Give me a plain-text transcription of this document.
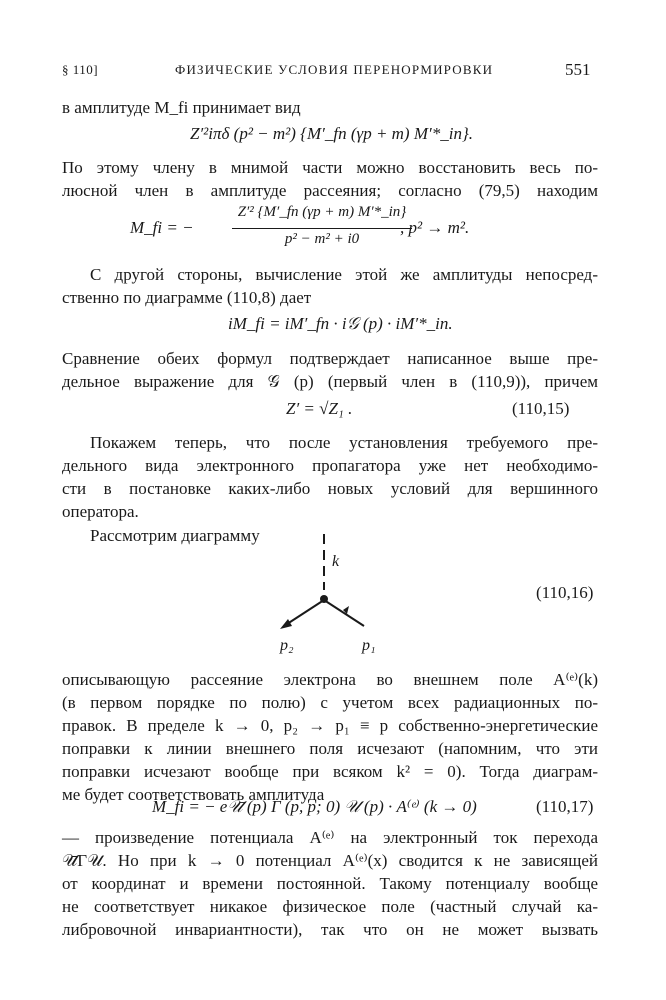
§ 110]	ФИЗИЧЕСКИЕ УСЛОВИЯ ПЕРЕНОРМИРОВКИ	551
в амплитуде M_fi принимает вид
Z′²iπδ (p² − m²) {M′_fn (γp + m) M′*_in}.
По этому члену в мнимой части можно восстановить весь по-
люсной член в амплитуде рассеяния; согласно (79,5) находим
M_fi = −
Z′² {M′_fn (γp + m) M′*_in}
p² − m² + i0
, p² → m².
С другой стороны, вычисление этой же амплитуды непосред-
ственно по диаграмме (110,8) дает
iM_fi = iM′_fn · i𝒢 (p) · iM′*_in.
Сравнение обеих формул подтверждает написанное выше пре-
дельное выражение для 𝒢 (p) (первый член в (110,9)), причем
Z′ = √Z₁ .	(110,15)
Покажем теперь, что после установления требуемого пре-
дельного вида электронного пропагатора уже нет необходимо-
сти в постановке каких-либо новых условий для вершинного
оператора.
Рассмотрим диаграмму
k
p₂	p₁
(110,16)
описывающую рассеяние электрона во внешнем поле A⁽ᵉ⁾(k)
(в первом порядке по полю) с учетом всех радиационных по-
правок. В пределе k → 0, p₂ → p₁ ≡ p собственно-энергетические
поправки к линии внешнего поля исчезают (напомним, что эти
поправки исчезают вообще при всяком k² = 0). Тогда диаграм-
ме будет соответствовать амплитуда
M_fi = − e𝒰̄ (p) Γ (p, p; 0) 𝒰 (p) · A⁽ᵉ⁾ (k → 0)	(110,17)
— произведение потенциала A⁽ᵉ⁾ на электронный ток перехода
𝒰̄Γ𝒰. Но при k → 0 потенциал A⁽ᵉ⁾(x) сводится к не зависящей
от координат и времени постоянной. Такому потенциалу вообще
не соответствует никакое физическое поле (частный случай ка-
либровочной инвариантности), так что он не может вызвать
